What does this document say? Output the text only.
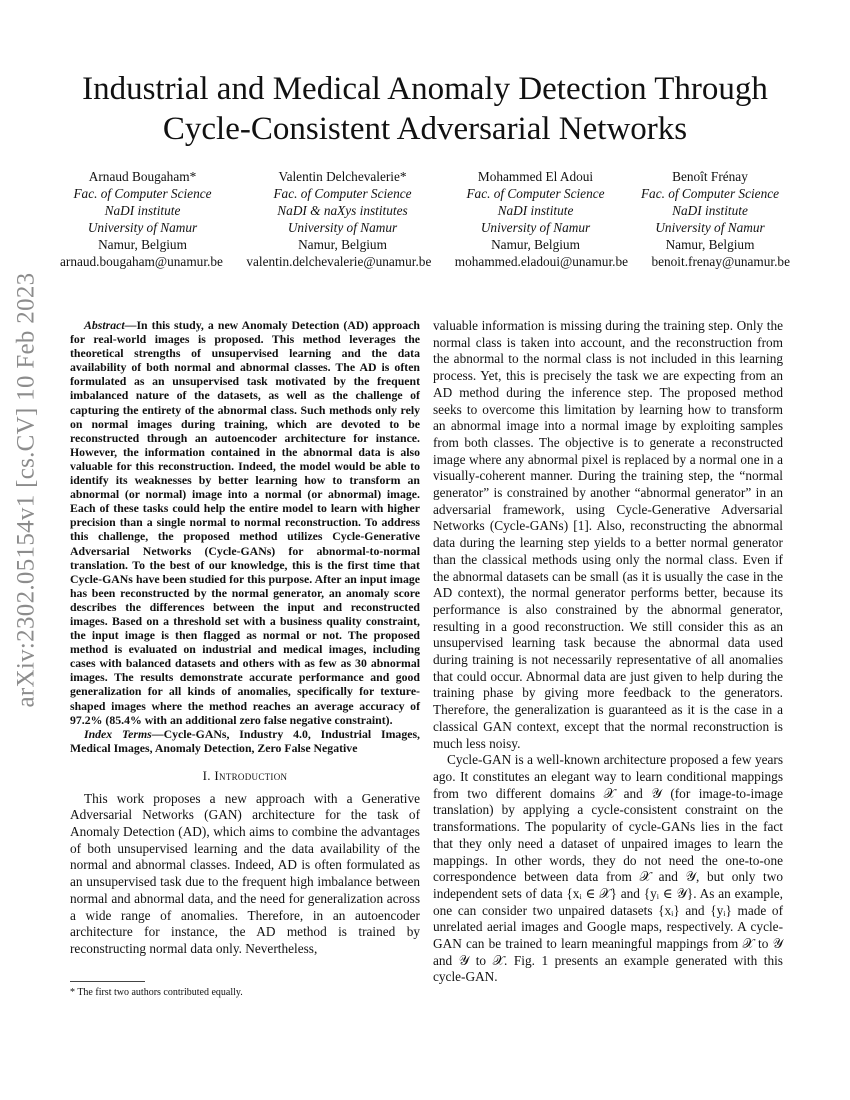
arXiv:2302.05154v1 [cs.CV] 10 Feb 2023
Industrial and Medical Anomaly Detection Through Cycle-Consistent Adversarial Networks
Arnaud Bougaham*
Fac. of Computer Science
NaDI institute
University of Namur
Namur, Belgium
Valentin Delchevalerie*
Fac. of Computer Science
NaDI & naXys institutes
University of Namur
Namur, Belgium
Mohammed El Adoui
Fac. of Computer Science
NaDI institute
University of Namur
Namur, Belgium
Benoît Frénay
Fac. of Computer Science
NaDI institute
University of Namur
Namur, Belgium
arnaud.bougaham@unamur.be valentin.delchevalerie@unamur.be mohammed.eladoui@unamur.be benoit.frenay@unamur.be

Abstract—In this study, a new Anomaly Detection (AD) approach for real-world images is proposed. This method leverages the theoretical strengths of unsupervised learning and the data availability of both normal and abnormal classes. The AD is often formulated as an unsupervised task motivated by the frequent imbalanced nature of the datasets, as well as the challenge of capturing the entirety of the abnormal class. Such methods only rely on normal images during training, which are devoted to be reconstructed through an autoencoder architecture for instance. However, the information contained in the abnormal data is also valuable for this reconstruction. Indeed, the model would be able to identify its weaknesses by better learning how to transform an abnormal (or normal) image into a normal (or abnormal) image. Each of these tasks could help the entire model to learn with higher precision than a single normal to normal reconstruction. To address this challenge, the proposed method utilizes Cycle-Generative Adversarial Networks (Cycle-GANs) for abnormal-to-normal translation. To the best of our knowledge, this is the first time that Cycle-GANs have been studied for this purpose. After an input image has been reconstructed by the normal generator, an anomaly score describes the differences between the input and reconstructed images. Based on a threshold set with a business quality constraint, the input image is then flagged as normal or not. The proposed method is evaluated on industrial and medical images, including cases with balanced datasets and others with as few as 30 abnormal images. The results demonstrate accurate performance and good generalization for all kinds of anomalies, specifically for texture-shaped images where the method reaches an average accuracy of 97.2% (85.4% with an additional zero false negative constraint).

Index Terms—Cycle-GANs, Industry 4.0, Industrial Images, Medical Images, Anomaly Detection, Zero False Negative

I. Introduction

This work proposes a new approach with a Generative Adversarial Networks (GAN) architecture for the task of Anomaly Detection (AD), which aims to combine the advantages of both unsupervised learning and the data availability of the normal and abnormal classes. Indeed, AD is often formulated as an unsupervised task due to the frequent high imbalance between normal and abnormal data, and the need for generalization across a wide range of anomalies. Therefore, in an autoencoder architecture for instance, the AD method is trained by reconstructing normal data only. Nevertheless,

* The first two authors contributed equally.

valuable information is missing during the training step. Only the normal class is taken into account, and the reconstruction from the abnormal to the normal class is not included in this learning process. Yet, this is precisely the task we are expecting from an AD method during the inference step. The proposed method seeks to overcome this limitation by learning how to transform an abnormal image into a normal image by exploiting samples from both classes. The objective is to generate a reconstructed image where any abnormal pixel is replaced by a normal one in a visually-coherent manner. During the training step, the “normal generator” is constrained by another “abnormal generator” in an adversarial framework, using Cycle-Generative Adversarial Networks (Cycle-GANs) [1]. Also, reconstructing the abnormal data during the learning step yields to a better normal generator than the classical methods using only the normal class. Even if the abnormal datasets can be small (as it is usually the case in the AD context), the normal generator performs better, because its performance is also constrained by the abnormal generator, resulting in a good reconstruction. We still consider this as an unsupervised learning task because the abnormal data used during training is not necessarily representative of all anomalies that could occur. Abnormal data are just given to help during the training phase by giving more feedback to the generators. Therefore, the generalization is guaranteed as it is the case in a classical GAN context, except that the normal reconstruction is much less noisy.

Cycle-GAN is a well-known architecture proposed a few years ago. It constitutes an elegant way to learn conditional mappings from two different domains 𝒳 and 𝒴 (for image-to-image translation) by applying a cycle-consistent constraint on the transformations. The popularity of cycle-GANs lies in the fact that they only need a dataset of unpaired images to learn the mappings. In other words, they do not need the one-to-one correspondence between data from 𝒳 and 𝒴, but only two independent sets of data {xᵢ ∈ 𝒳} and {yᵢ ∈ 𝒴}. As an example, one can consider two unpaired datasets {xᵢ} and {yᵢ} made of unrelated aerial images and Google maps, respectively. A cycle-GAN can be trained to learn meaningful mappings from 𝒳 to 𝒴 and 𝒴 to 𝒳. Fig. 1 presents an example generated with this cycle-GAN.
